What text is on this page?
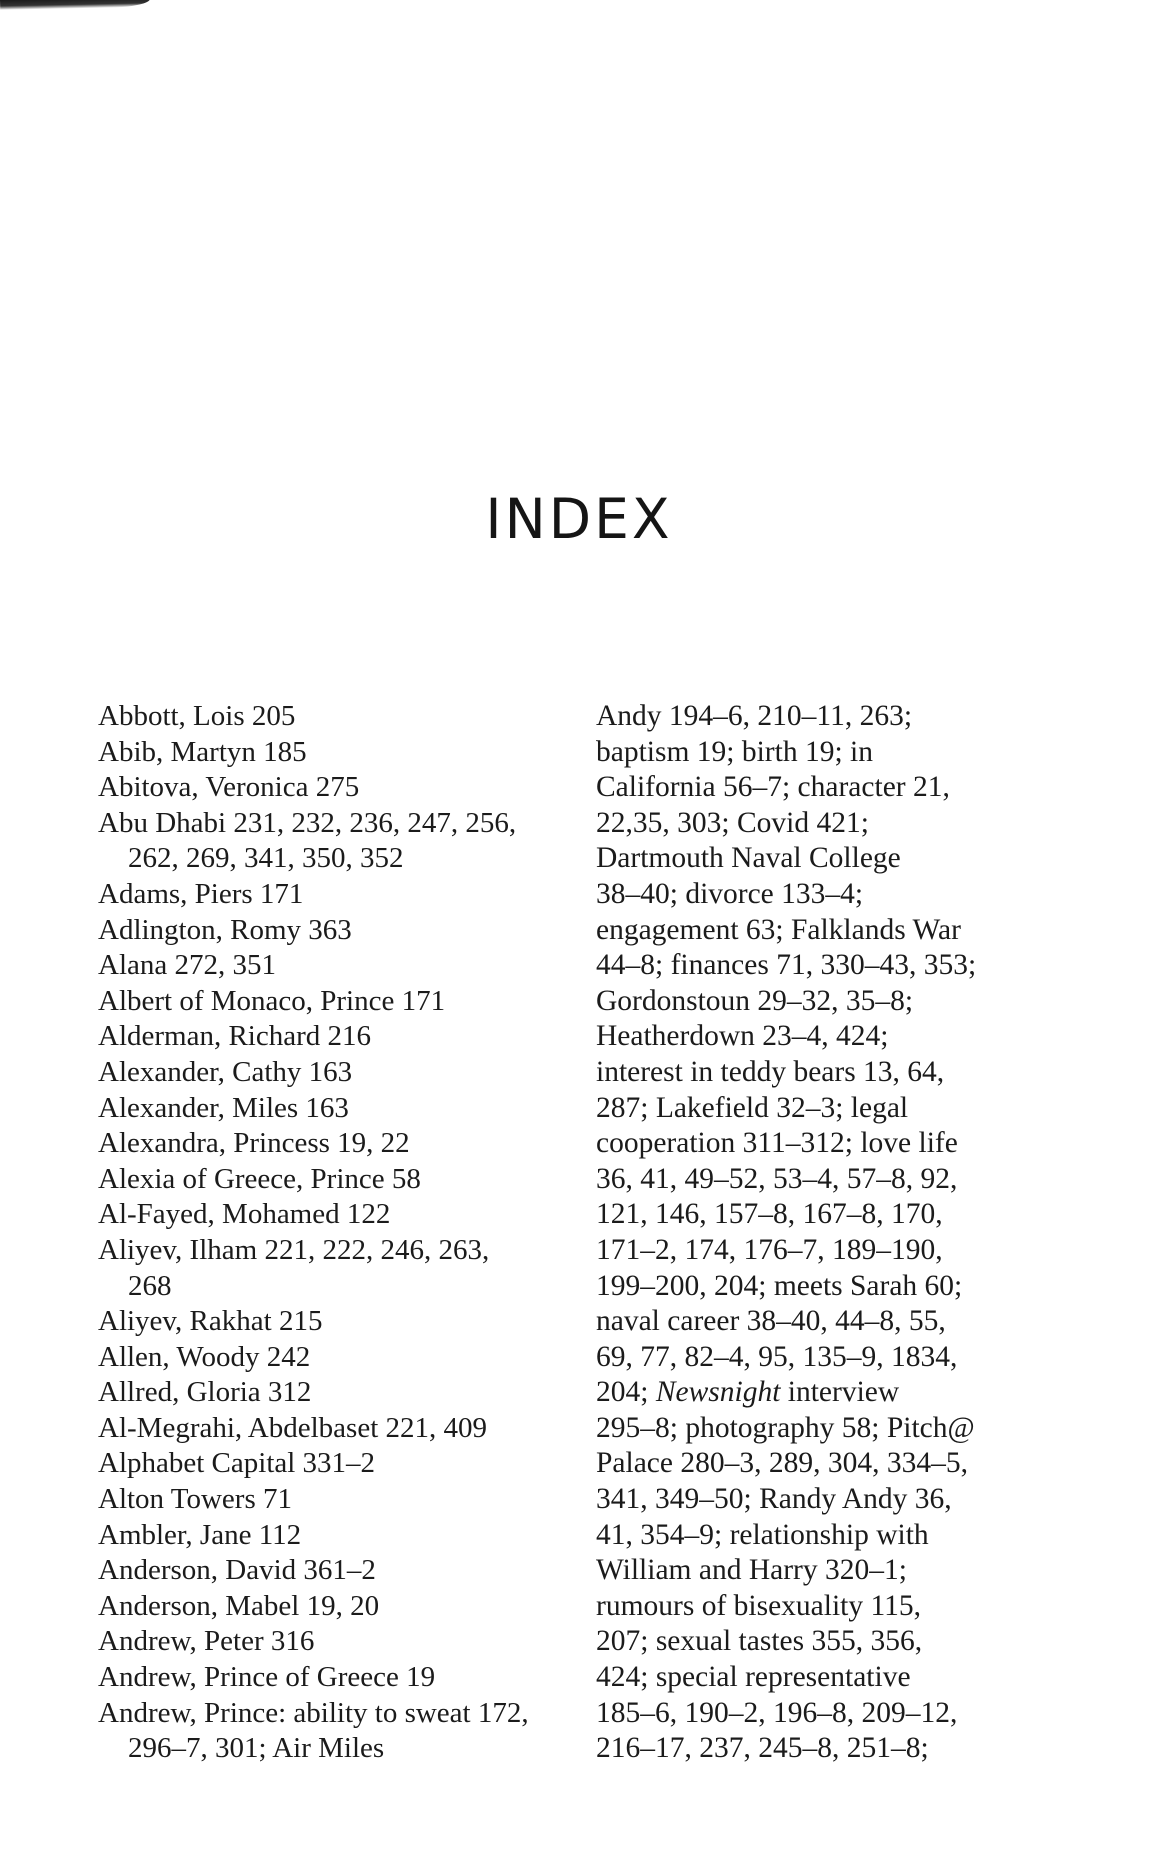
INDEX
Abbott, Lois 205
Abib, Martyn 185
Abitova, Veronica 275
Abu Dhabi 231, 232, 236, 247, 256, 262, 269, 341, 350, 352
Adams, Piers 171
Adlington, Romy 363
Alana 272, 351
Albert of Monaco, Prince 171
Alderman, Richard 216
Alexander, Cathy 163
Alexander, Miles 163
Alexandra, Princess 19, 22
Alexia of Greece, Prince 58
Al-Fayed, Mohamed 122
Aliyev, Ilham 221, 222, 246, 263, 268
Aliyev, Rakhat 215
Allen, Woody 242
Allred, Gloria 312
Al-Megrahi, Abdelbaset 221, 409
Alphabet Capital 331–2
Alton Towers 71
Ambler, Jane 112
Anderson, David 361–2
Anderson, Mabel 19, 20
Andrew, Peter 316
Andrew, Prince of Greece 19
Andrew, Prince: ability to sweat 172, 296–7, 301; Air Miles
Andy 194–6, 210–11, 263;
baptism 19; birth 19; in
California 56–7; character 21,
22,35, 303; Covid 421;
Dartmouth Naval College
38–40; divorce 133–4;
engagement 63; Falklands War
44–8; finances 71, 330–43, 353;
Gordonstoun 29–32, 35–8;
Heatherdown 23–4, 424;
interest in teddy bears 13, 64,
287; Lakefield 32–3; legal
cooperation 311–312; love life
36, 41, 49–52, 53–4, 57–8, 92,
121, 146, 157–8, 167–8, 170,
171–2, 174, 176–7, 189–190,
199–200, 204; meets Sarah 60;
naval career 38–40, 44–8, 55,
69, 77, 82–4, 95, 135–9, 1834,
204; Newsnight interview
295–8; photography 58; Pitch@
Palace 280–3, 289, 304, 334–5,
341, 349–50; Randy Andy 36,
41, 354–9; relationship with
William and Harry 320–1;
rumours of bisexuality 115,
207; sexual tastes 355, 356,
424; special representative
185–6, 190–2, 196–8, 209–12,
216–17, 237, 245–8, 251–8;
